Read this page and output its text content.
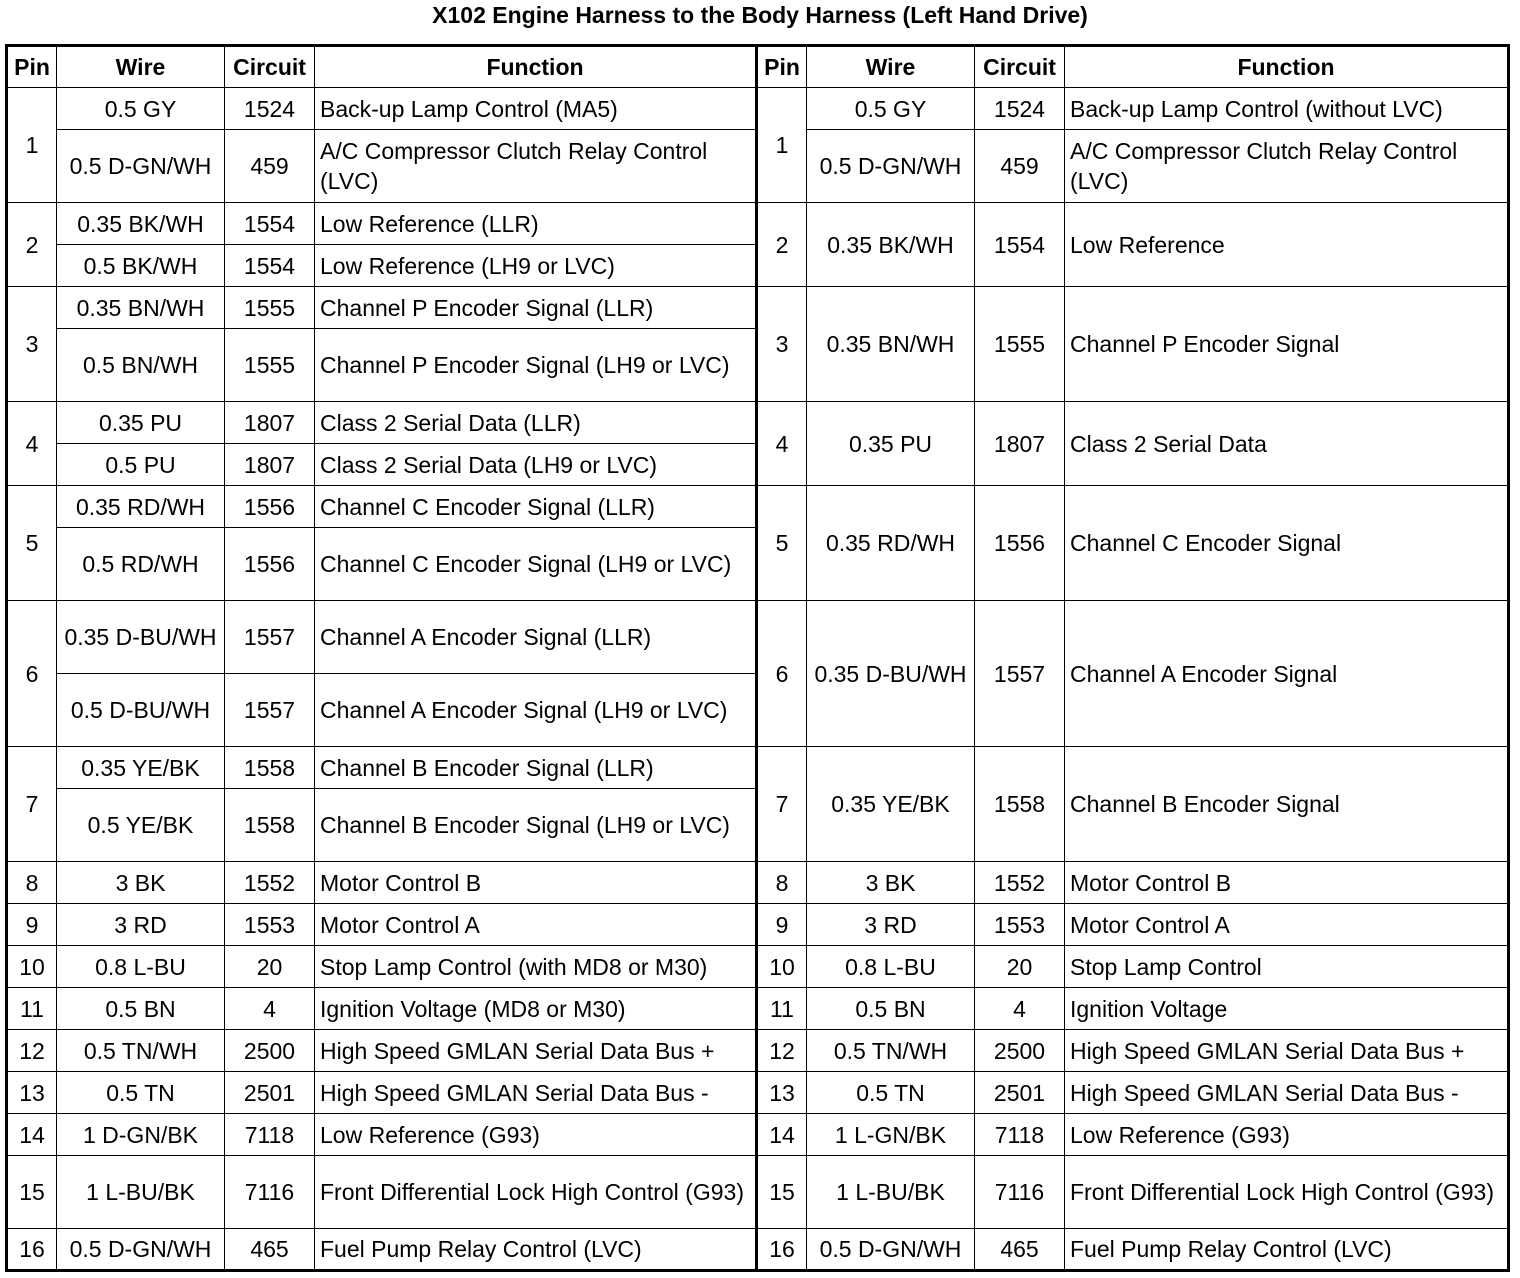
X102 Engine Harness to the Body Harness (Left Hand Drive)
Pin	Wire	Circuit	Function	Pin	Wire	Circuit	Function
1	0.5 GY	1524	Back-up Lamp Control (MA5)	1	0.5 GY	1524	Back-up Lamp Control (without LVC)
	0.5 D-GN/WH	459	A/C Compressor Clutch Relay Control (LVC)		0.5 D-GN/WH	459	A/C Compressor Clutch Relay Control (LVC)
2	0.35 BK/WH	1554	Low Reference (LLR)	2	0.35 BK/WH	1554	Low Reference
	0.5 BK/WH	1554	Low Reference (LH9 or LVC)				
3	0.35 BN/WH	1555	Channel P Encoder Signal (LLR)	3	0.35 BN/WH	1555	Channel P Encoder Signal
	0.5 BN/WH	1555	Channel P Encoder Signal (LH9 or LVC)				
4	0.35 PU	1807	Class 2 Serial Data (LLR)	4	0.35 PU	1807	Class 2 Serial Data
	0.5 PU	1807	Class 2 Serial Data (LH9 or LVC)				
5	0.35 RD/WH	1556	Channel C Encoder Signal (LLR)	5	0.35 RD/WH	1556	Channel C Encoder Signal
	0.5 RD/WH	1556	Channel C Encoder Signal (LH9 or LVC)				
6	0.35 D-BU/WH	1557	Channel A Encoder Signal (LLR)	6	0.35 D-BU/WH	1557	Channel A Encoder Signal
	0.5 D-BU/WH	1557	Channel A Encoder Signal (LH9 or LVC)				
7	0.35 YE/BK	1558	Channel B Encoder Signal (LLR)	7	0.35 YE/BK	1558	Channel B Encoder Signal
	0.5 YE/BK	1558	Channel B Encoder Signal (LH9 or LVC)				
8	3 BK	1552	Motor Control B	8	3 BK	1552	Motor Control B
9	3 RD	1553	Motor Control A	9	3 RD	1553	Motor Control A
10	0.8 L-BU	20	Stop Lamp Control (with MD8 or M30)	10	0.8 L-BU	20	Stop Lamp Control
11	0.5 BN	4	Ignition Voltage (MD8 or M30)	11	0.5 BN	4	Ignition Voltage
12	0.5 TN/WH	2500	High Speed GMLAN Serial Data Bus +	12	0.5 TN/WH	2500	High Speed GMLAN Serial Data Bus +
13	0.5 TN	2501	High Speed GMLAN Serial Data Bus -	13	0.5 TN	2501	High Speed GMLAN Serial Data Bus -
14	1 D-GN/BK	7118	Low Reference (G93)	14	1 L-GN/BK	7118	Low Reference (G93)
15	1 L-BU/BK	7116	Front Differential Lock High Control (G93)	15	1 L-BU/BK	7116	Front Differential Lock High Control (G93)
16	0.5 D-GN/WH	465	Fuel Pump Relay Control (LVC)	16	0.5 D-GN/WH	465	Fuel Pump Relay Control (LVC)
